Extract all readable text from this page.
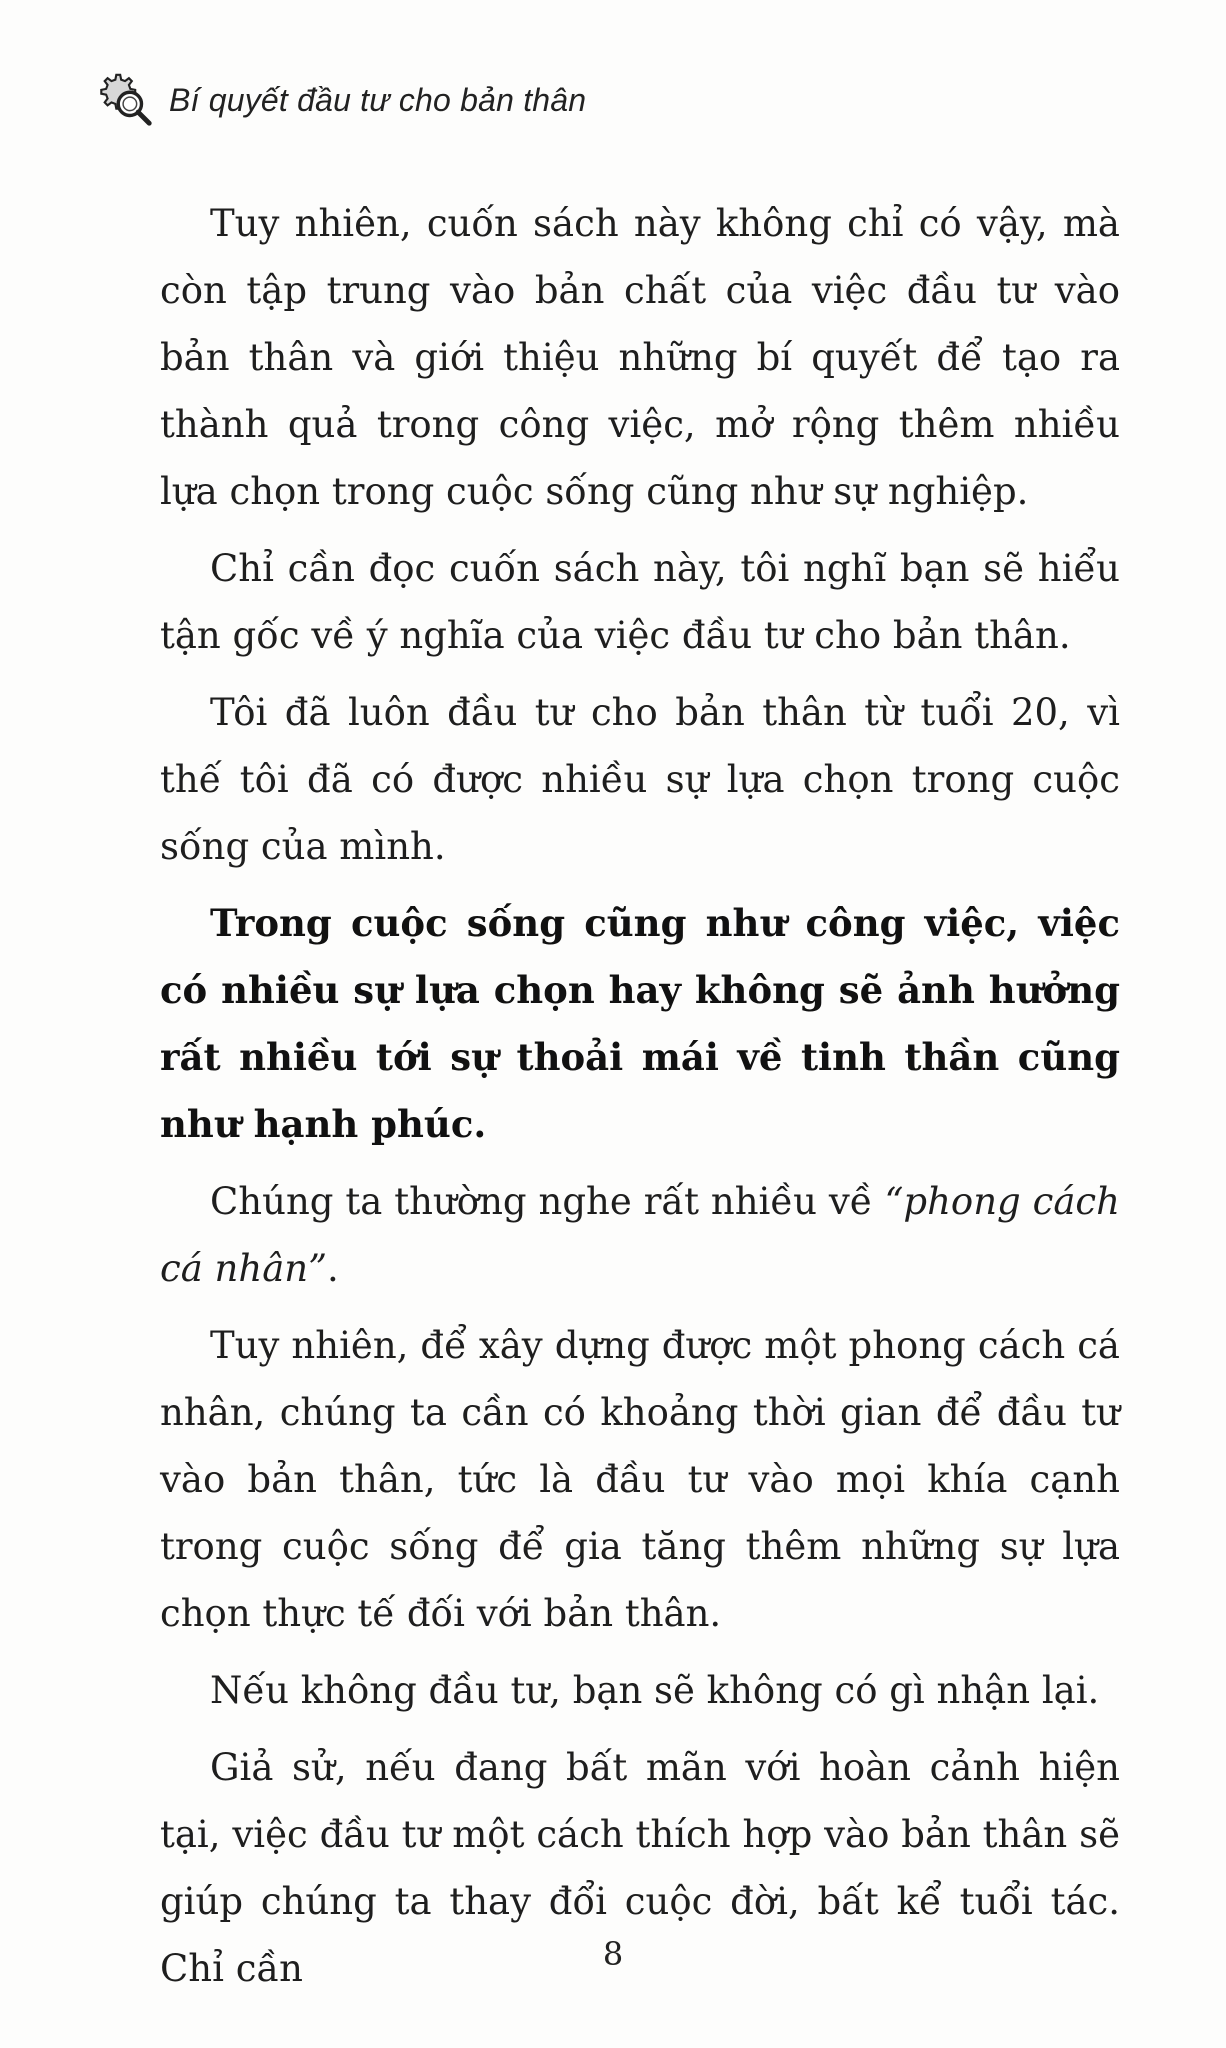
Bí quyết đầu tư cho bản thân

Tuy nhiên, cuốn sách này không chỉ có vậy, mà còn tập trung vào bản chất của việc đầu tư vào bản thân và giới thiệu những bí quyết để tạo ra thành quả trong công việc, mở rộng thêm nhiều lựa chọn trong cuộc sống cũng như sự nghiệp.

Chỉ cần đọc cuốn sách này, tôi nghĩ bạn sẽ hiểu tận gốc về ý nghĩa của việc đầu tư cho bản thân.

Tôi đã luôn đầu tư cho bản thân từ tuổi 20, vì thế tôi đã có được nhiều sự lựa chọn trong cuộc sống của mình.

Trong cuộc sống cũng như công việc, việc có nhiều sự lựa chọn hay không sẽ ảnh hưởng rất nhiều tới sự thoải mái về tinh thần cũng như hạnh phúc.

Chúng ta thường nghe rất nhiều về “phong cách cá nhân”.

Tuy nhiên, để xây dựng được một phong cách cá nhân, chúng ta cần có khoảng thời gian để đầu tư vào bản thân, tức là đầu tư vào mọi khía cạnh trong cuộc sống để gia tăng thêm những sự lựa chọn thực tế đối với bản thân.

Nếu không đầu tư, bạn sẽ không có gì nhận lại.

Giả sử, nếu đang bất mãn với hoàn cảnh hiện tại, việc đầu tư một cách thích hợp vào bản thân sẽ giúp chúng ta thay đổi cuộc đời, bất kể tuổi tác. Chỉ cần	8
